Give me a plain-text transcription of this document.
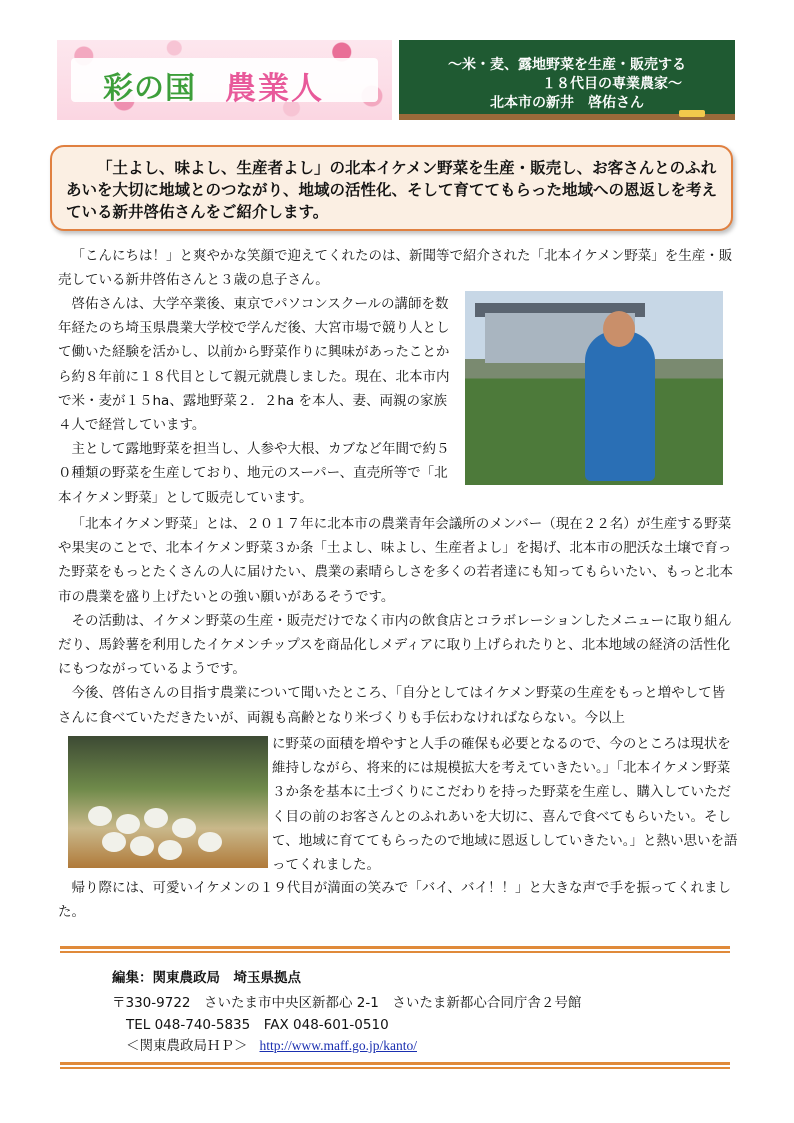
彩の国 農業人
～米・麦、露地野菜を生産・販売する
１８代目の専業農家～
北本市の新井　啓佑さん

「土よし、味よし、生産者よし」の北本イケメン野菜を生産・販売し、お客さんとのふれあいを大切に地域とのつながり、地域の活性化、そして育ててもらった地域への恩返しを考えている新井啓佑さんをご紹介します。

「こんにちは！」と爽やかな笑顔で迎えてくれたのは、新聞等で紹介された「北本イケメン野菜」を生産・販売している新井啓佑さんと３歳の息子さん。

啓佑さんは、大学卒業後、東京でパソコンスクールの講師を数年経たのち埼玉県農業大学校で学んだ後、大宮市場で競り人として働いた経験を活かし、以前から野菜作りに興味があったことから約８年前に１８代目として親元就農しました。現在、北本市内で米・麦が１５ha、露地野菜２．２ha を本人、妻、両親の家族４人で経営しています。

主として露地野菜を担当し、人参や大根、カブなど年間で約５０種類の野菜を生産しており、地元のスーパー、直売所等で「北本イケメン野菜」として販売しています。

「北本イケメン野菜」とは、２０１７年に北本市の農業青年会議所のメンバー（現在２２名）が生産する野菜や果実のことで、北本イケメン野菜３か条「土よし、味よし、生産者よし」を掲げ、北本市の肥沃な土壌で育った野菜をもっとたくさんの人に届けたい、農業の素晴らしさを多くの若者達にも知ってもらいたい、もっと北本市の農業を盛り上げたいとの強い願いがあるそうです。

その活動は、イケメン野菜の生産・販売だけでなく市内の飲食店とコラボレーションしたメニューに取り組んだり、馬鈴薯を利用したイケメンチップスを商品化しメディアに取り上げられたりと、北本地域の経済の活性化にもつながっているようです。

今後、啓佑さんの目指す農業について聞いたところ、「自分としてはイケメン野菜の生産をもっと増やして皆さんに食べていただきたいが、両親も高齢となり米づくりも手伝わなければならない。今以上

に野菜の面積を増やすと人手の確保も必要となるので、今のところは現状を維持しながら、将来的には規模拡大を考えていきたい。」「北本イケメン野菜３か条を基本に土づくりにこだわりを持った野菜を生産し、購入していただく目の前のお客さんとのふれあいを大切に、喜んで食べてもらいたい。そして、地域に育ててもらったので地域に恩返ししていきたい。」と熱い思いを語ってくれました。

帰り際には、可愛いイケメンの１９代目が満面の笑みで「バイ、バイ！！」と大きな声で手を振ってくれました。

編集：関東農政局　埼玉県拠点

〒330-9722　さいたま市中央区新都心 2-1　さいたま新都心合同庁舎２号館

TEL 048-740-5835　FAX 048-601-0510

＜関東農政局ＨＰ＞ http://www.maff.go.jp/kanto/
